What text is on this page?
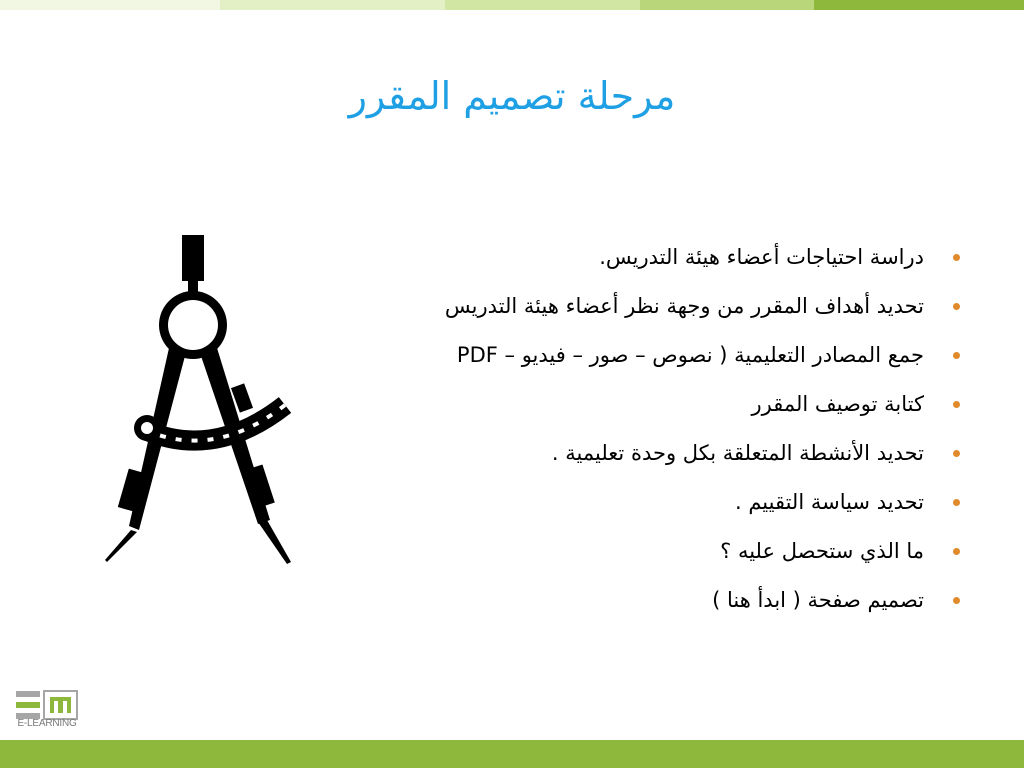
مرحلة تصميم المقرر
دراسة احتياجات أعضاء هيئة التدريس.
تحديد أهداف المقرر من وجهة نظر أعضاء هيئة التدريس
جمع المصادر التعليمية ( نصوص – صور – فيديو – PDF
كتابة توصيف المقرر
تحديد الأنشطة المتعلقة بكل وحدة تعليمية .
تحديد سياسة التقييم .
ما الذي ستحصل عليه ؟
تصميم صفحة ( ابدأ هنا )
E-LEARNING
